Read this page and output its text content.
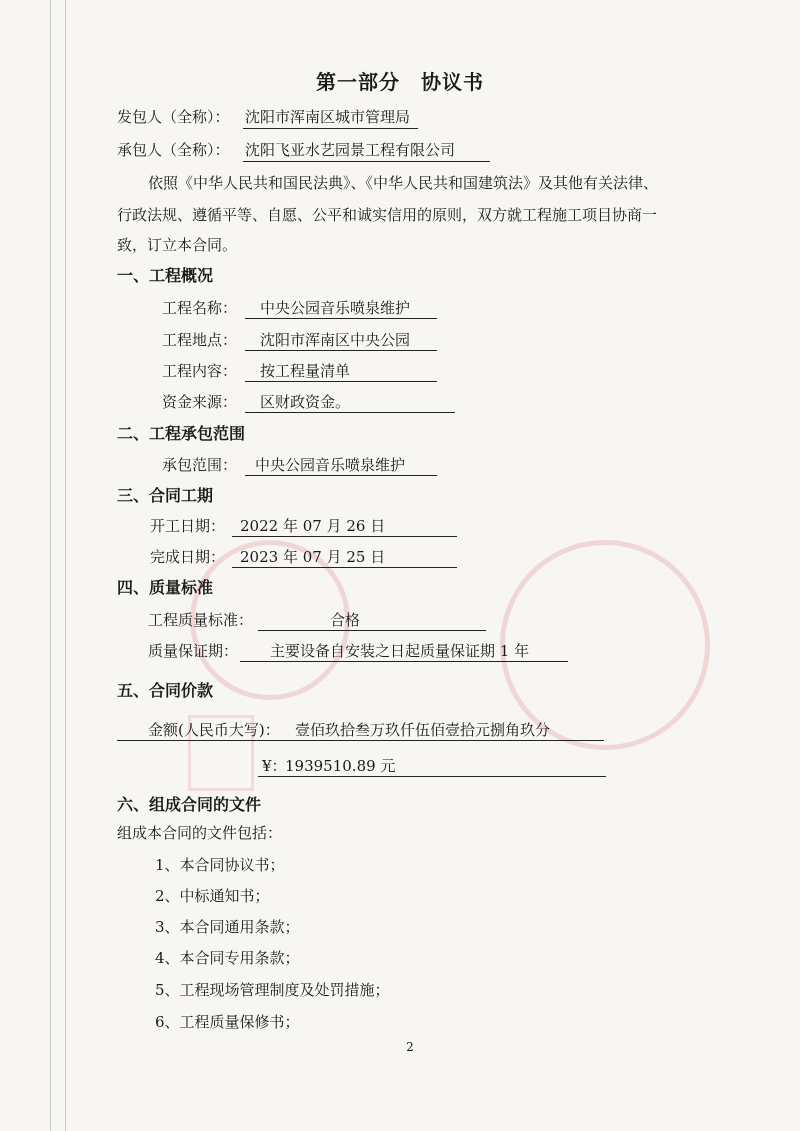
第一部分　协议书
发包人（全称）： 沈阳市浑南区城市管理局
承包人（全称）： 沈阳飞亚水艺园景工程有限公司
依照《中华人民共和国民法典》、《中华人民共和国建筑法》及其他有关法律、
行政法规、遵循平等、自愿、公平和诚实信用的原则，双方就工程施工项目协商一
致，订立本合同。
一、工程概况
工程名称： 中央公园音乐喷泉维护
工程地点： 沈阳市浑南区中央公园
工程内容： 按工程量清单
资金来源： 区财政资金。
二、工程承包范围
承包范围： 中央公园音乐喷泉维护
三、合同工期
开工日期： 2022 年 07 月 26 日
完成日期： 2023 年 07 月 25 日
四、质量标准
工程质量标准：	合格
质量保证期： 主要设备自安装之日起质量保证期 1 年
五、合同价款
金额(人民币大写)： 壹佰玖拾叁万玖仟伍佰壹拾元捌角玖分
¥：
1939510.89 元
六、组成合同的文件
组成本合同的文件包括：
1、本合同协议书；
2、中标通知书；
3、本合同通用条款；
4、本合同专用条款；
5、工程现场管理制度及处罚措施；
6、工程质量保修书；
2
